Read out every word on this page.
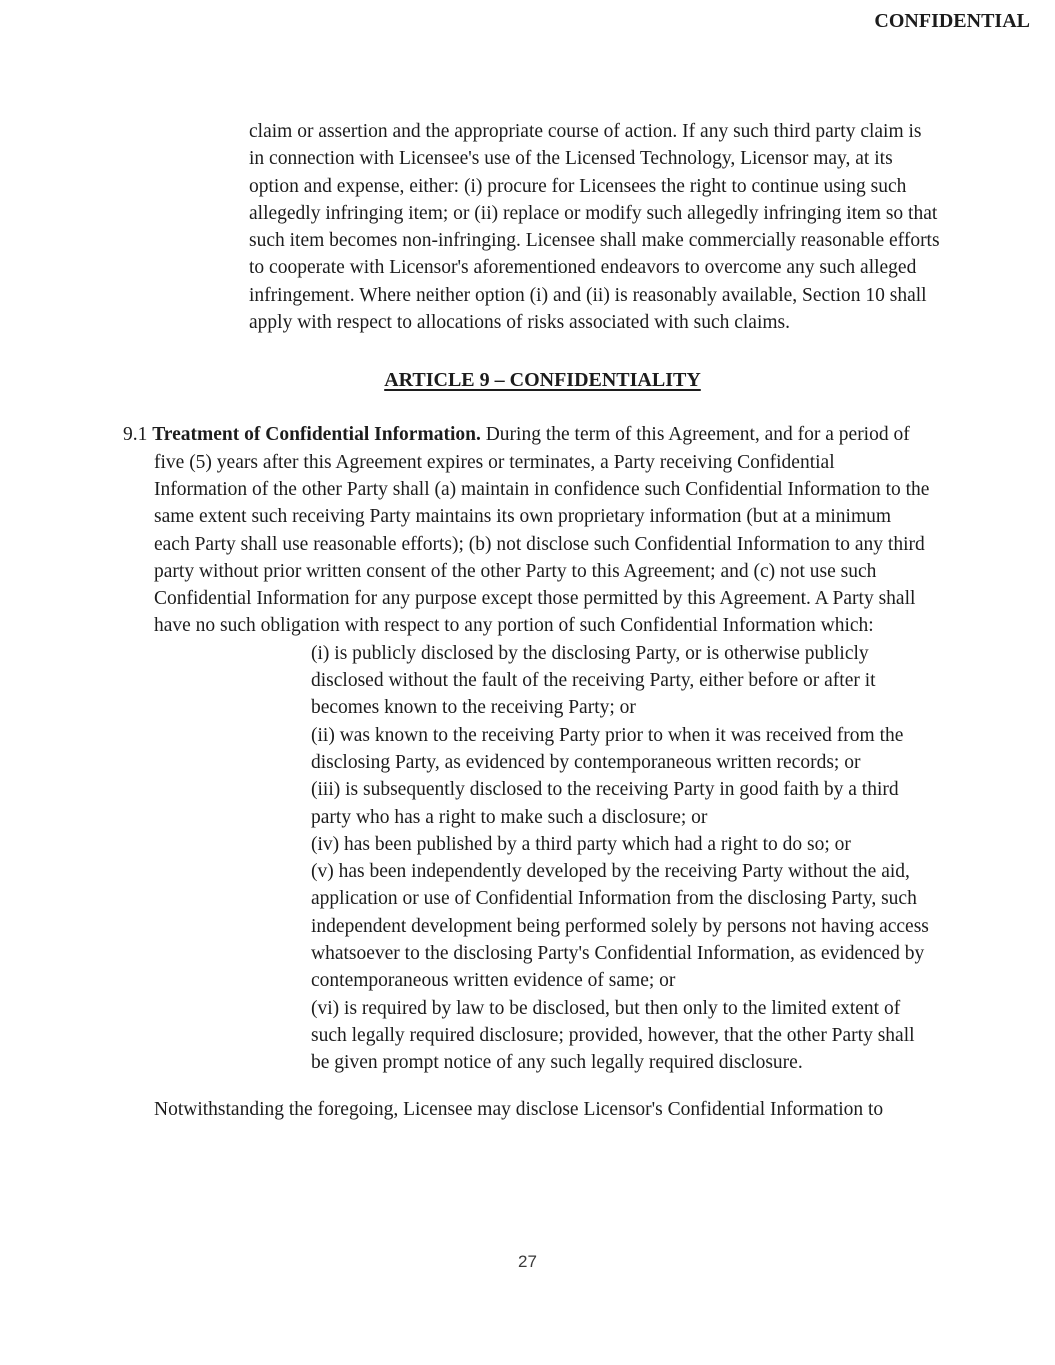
CONFIDENTIAL

claim or assertion and the appropriate course of action. If any such third party claim is in connection with Licensee's use of the Licensed Technology, Licensor may, at its option and expense, either: (i) procure for Licensees the right to continue using such allegedly infringing item; or (ii) replace or modify such allegedly infringing item so that such item becomes non-infringing. Licensee shall make commercially reasonable efforts to cooperate with Licensor's aforementioned endeavors to overcome any such alleged infringement. Where neither option (i) and (ii) is reasonably available, Section 10 shall apply with respect to allocations of risks associated with such claims.

ARTICLE 9 – CONFIDENTIALITY

9.1 Treatment of Confidential Information. During the term of this Agreement, and for a period of five (5) years after this Agreement expires or terminates, a Party receiving Confidential Information of the other Party shall (a) maintain in confidence such Confidential Information to the same extent such receiving Party maintains its own proprietary information (but at a minimum each Party shall use reasonable efforts); (b) not disclose such Confidential Information to any third party without prior written consent of the other Party to this Agreement; and (c) not use such Confidential Information for any purpose except those permitted by this Agreement. A Party shall have no such obligation with respect to any portion of such Confidential Information which:

(i) is publicly disclosed by the disclosing Party, or is otherwise publicly disclosed without the fault of the receiving Party, either before or after it becomes known to the receiving Party; or

(ii) was known to the receiving Party prior to when it was received from the disclosing Party, as evidenced by contemporaneous written records; or

(iii) is subsequently disclosed to the receiving Party in good faith by a third party who has a right to make such a disclosure; or

(iv) has been published by a third party which had a right to do so; or

(v) has been independently developed by the receiving Party without the aid, application or use of Confidential Information from the disclosing Party, such independent development being performed solely by persons not having access whatsoever to the disclosing Party's Confidential Information, as evidenced by contemporaneous written evidence of same; or

(vi) is required by law to be disclosed, but then only to the limited extent of such legally required disclosure; provided, however, that the other Party shall be given prompt notice of any such legally required disclosure.

Notwithstanding the foregoing, Licensee may disclose Licensor's Confidential Information to

27
